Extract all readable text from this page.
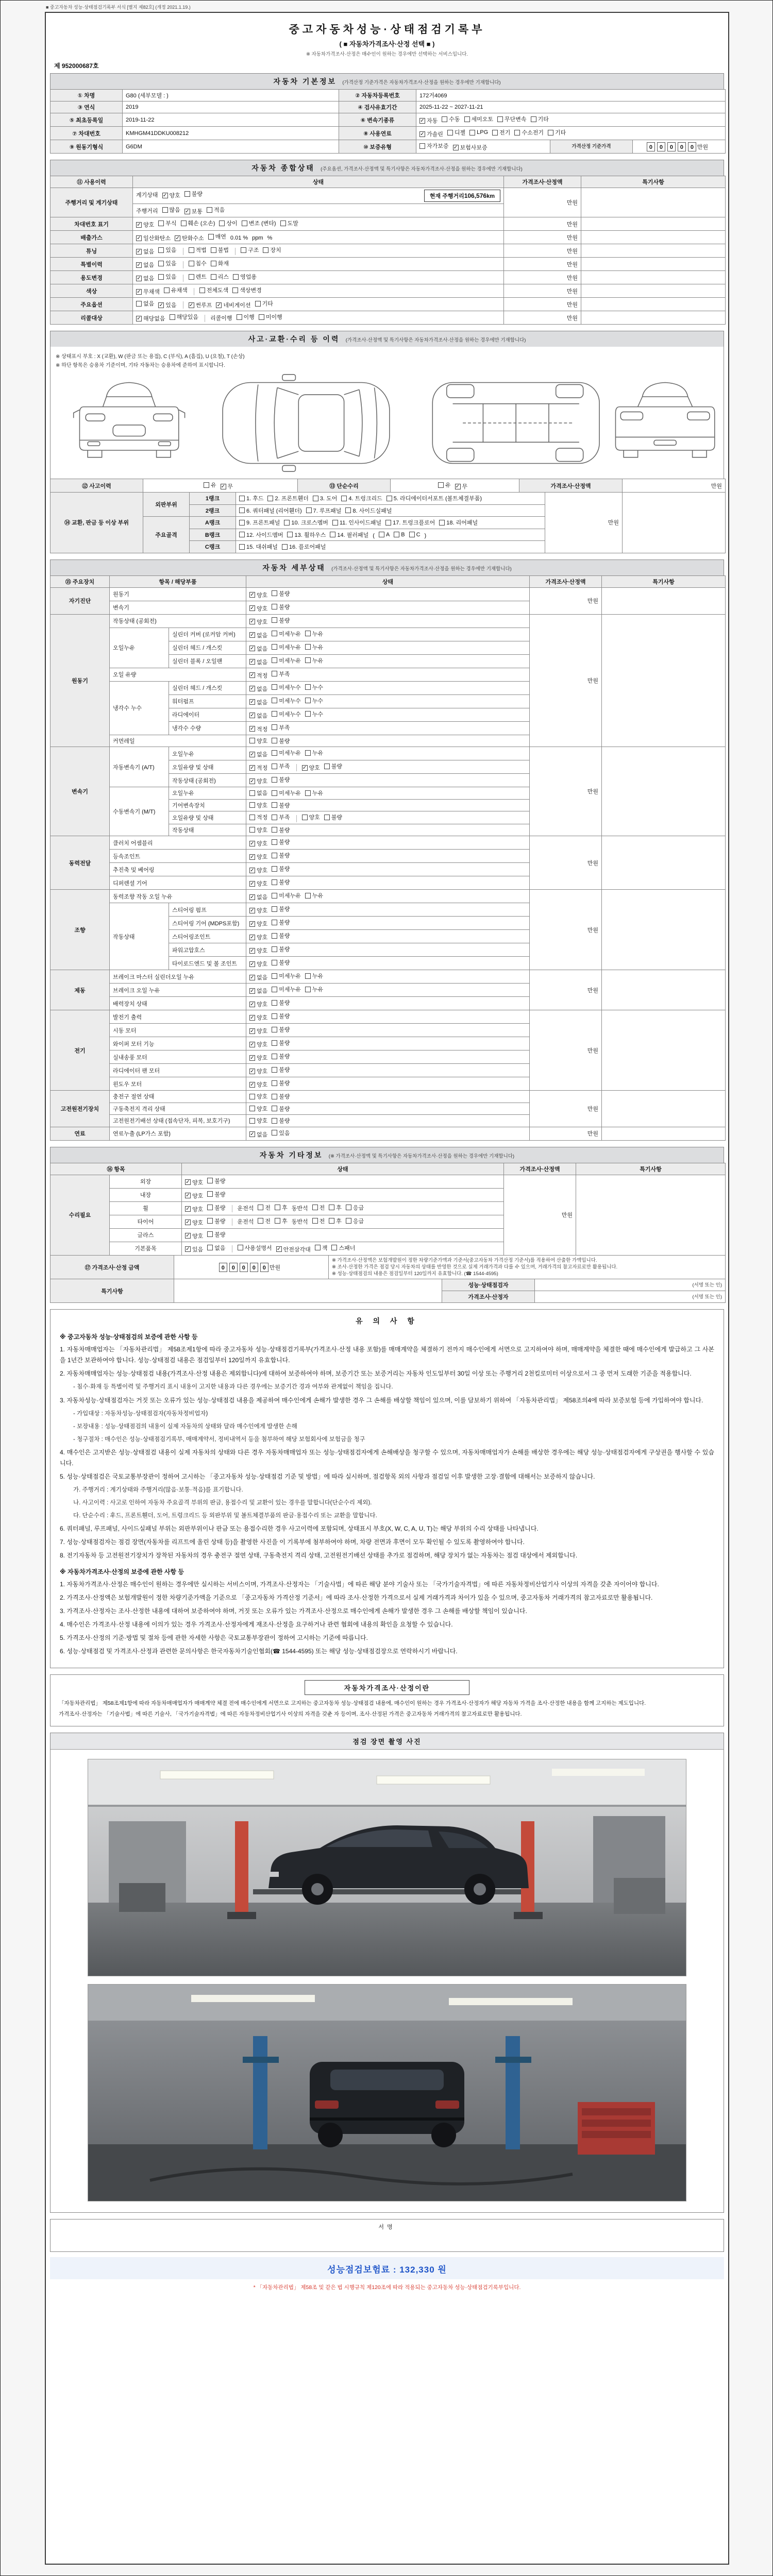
■ 중고자동차 성능·상태점검기록부 서식 [별지 제82호] (개정 2021.1.19.)
중고자동차성능·상태점검기록부
( ■ 자동차가격조사·산정 선택 ■ )
※ 자동차가격조사·산정은 매수인이 원하는 경우에만 선택하는 서비스입니다.
제 952000687호
자동차 기본정보 (가격산정 기준가격은 자동차가격조사·산정을 원하는 경우에만 기재합니다)
① 차명	G80 (세부모델 : )	② 자동차등록번호	172거4069		
③ 연식	2019	④ 검사유효기간	2025-11-22 ~ 2027-11-21		
⑤ 최초등록일	2019-11-22	⑥ 변속기종류	✓ 자동 수동 세미오토 무단변속 기타

⑦ 차대번호	KMHGM41DDKU008212	⑧ 사용연료	✓ 가솔린 디젤 LPG 전기 수소전기 기타

⑨ 원동기형식	G6DM	⑩ 보증유형	자가보증 ✓ 보험사보증	가격산정 기준가격	0 0 0 0 0 만원
자동차 종합상태 (주요옵션, 가격조사·산정액 및 특기사항은 자동차가격조사·산정을 원하는 경우에만 기재합니다)
⑪ 사용이력	상태	가격조사·산정액	특기사항
주행거리 및 계기상태	계기상태 ✓ 양호 불량 현재 주행거리106,576km	만원	
	주행거리 많음 ✓ 보통 적음		

차대번호 표기	✓ 양호 부식 훼손 (오손) 상이 변조 (변타) 도말	만원	
배출가스	✓ 일산화탄소 ✓ 탄화수소 매연 0.01 % ppm %	만원	
튜닝	✓ 없음 있음	적법 불법	구조 장치	만원	
특별이력	✓ 없음 있음 침수 화재	만원	
용도변경	✓ 없음 있음	렌트 리스 영업용	만원	
색상	✓ 무채색 유채색 전체도색 색상변경	만원	
주요옵션	없음 ✓ 있음 ✓ 썬루프 ✓ 네비게이션 기타	만원	
리콜대상	✓ 해당없음 해당있음 리콜이행 이행 미이행	만원	
사고·교환·수리 등 이력 (가격조사·산정액 및 특기사항은 자동차가격조사·산정을 원하는 경우에만 기재합니다)
※ 상태표시 부호 : X (교환), W (판금 또는 용접), C (부식), A (흠집), U (요철), T (손상)
※ 하단 항목은 승용차 기준이며, 기타 자동차는 승용차에 준하여 표시합니다.
⑫ 사고이력	유 ✓ 무	⑬ 단순수리	유 ✓ 무	가격조사·산정액	만원
⑭ 교환, 판금 등 이상 부위	외판부위	1랭크	1. 후드 2. 프론트휀더 3. 도어 4. 트렁크리드 5. 라디에이터서포트 (볼트체결부품)	만원	
		2랭크	6. 쿼터패널 (리어휀더) 7. 루프패널 8. 사이드실패널		

	주요골격	A랭크	9. 프론트패널 10. 크로스멤버 11. 인사이드패널 17. 트렁크플로어 18. 리어패널		

B랭크	12. 사이드멤버 13. 휠하우스 14. 필러패널 ( A B C )
		C랭크	15. 대쉬패널 16. 플로어패널		
자동차 세부상태 (가격조사·산정액 및 특기사항은 자동차가격조사·산정을 원하는 경우에만 기재합니다)
⑮ 주요장치	항목 / 해당부품		상태	가격조사·산정액	특기사항
자기진단	원동기		✓ 양호 불량	만원	
	변속기		✓ 양호 불량		

원동기	작동상태 (공회전)		✓ 양호 불량	만원	
	오일누유	실린더 커버 (로커암 커버)	✓ 없음 미세누유 누유		

		실린더 헤드 / 개스킷	✓ 없음 미세누유 누유		

		실린더 블록 / 오일팬	✓ 없음 미세누유 누유		

	오일 유량		✓ 적정 부족		

	냉각수 누수	실린더 헤드 / 개스킷	✓ 없음 미세누수 누수		

		워터펌프	✓ 없음 미세누수 누수		

		라디에이터	✓ 없음 미세누수 누수		

		냉각수 수량	✓ 적정 부족		

	커먼레일		양호 불량		

변속기	자동변속기 (A/T)	오일누유	✓ 없음 미세누유 누유	만원	
오일유량 및 상태	✓ 적정 부족 ✓ 양호 불량

		작동상태 (공회전)	✓ 양호 불량		

	수동변속기 (M/T)	오일누유	없음 미세누유 누유		

		기어변속장치	양호 불량		

		오일유량 및 상태	적정 부족 양호 불량		

		작동상태	양호 불량		

동력전달	클러치 어셈블리		✓ 양호 불량	만원	
	등속조인트		✓ 양호 불량		

	추진축 및 베어링		✓ 양호 불량		

	디퍼렌셜 기어		✓ 양호 불량		

조향	동력조향 작동 오일 누유		✓ 없음 미세누유 누유	만원	
	작동상태	스티어링 펌프	✓ 양호 불량		

		스티어링 기어 (MDPS포함)	✓ 양호 불량		

		스티어링조인트	✓ 양호 불량		

		파워고압호스	✓ 양호 불량		

		타이로드엔드 및 볼 조인트	✓ 양호 불량		

제동	브레이크 마스터 실린더오일 누유		✓ 없음 미세누유 누유	만원	
	브레이크 오일 누유		✓ 없음 미세누유 누유		

	배력장치 상태		✓ 양호 불량		

전기	발전기 출력		✓ 양호 불량	만원	
	시동 모터		✓ 양호 불량		

	와이퍼 모터 기능		✓ 양호 불량		

	실내송풍 모터		✓ 양호 불량		

	라디에이터 팬 모터		✓ 양호 불량		

	윈도우 모터		✓ 양호 불량		

고전원전기장치	충전구 절연 상태		양호 불량	만원	
	구동축전지 격리 상태		양호 불량		

	고전원전기배선 상태 (접속단자, 피복, 보호기구)		양호 불량		

연료	연료누출 (LP가스 포함)		✓ 없음 있음	만원	
자동차 기타정보 (※ 가격조사·산정액 및 특기사항은 자동차가격조사·산정을 원하는 경우에만 기재합니다)
⑯ 항목		상태	가격조사·산정액	특기사항
수리필요	외장	✓ 양호 불량	만원	
	내장	✓ 양호 불량		

휠	✓ 양호 불량 운전석 전 후 동반석 전 후 응급

타이어	✓ 양호 불량 운전석 전 후 동반석 전 후 응급

	글라스	✓ 양호 불량		

기본품목	✓ 있음 없음	사용설명서 ✓ 안전삼각대 잭 스패너
⑰ 가격조사·산정 금액	0 0 0 0 0 만원	
※ 가격조사·산정액은 보험개발원이 정한 차량기준가액과 기준서(중고자동차 가격산정 기준서)를 적용하여 산출한 가액입니다.
※ 조사·산정한 가격은 점검 당시 자동차의 상태를 반영한 것으로 실제 거래가격과 다를 수 있으며, 거래가격의 참고자료로만 활용됩니다.
※ 성능·상태점검의 내용은 점검일부터 120일까지 유효합니다. (☎ 1544-4595)
특기사항		성능·상태점검자	(서명 또는 인)
		가격조사·산정자	(서명 또는 인)
유 의 사 항
※ 중고자동차 성능·상태점검의 보증에 관한 사항 등
1. 자동차매매업자는 「자동차관리법」 제58조제1항에 따라 중고자동차 성능·상태점검기록부(가격조사·산정 내용 포함)를 매매계약을 체결하기 전까지 매수인에게 서면으로 고지하여야 하며, 매매계약을 체결한 때에 매수인에게 발급하고 그 사본을 1년간 보관하여야 합니다. 성능·상태점검 내용은 점검일부터 120일까지 유효합니다.
2. 자동차매매업자는 성능·상태점검 내용(가격조사·산정 내용은 제외합니다)에 대하여 보증하여야 하며, 보증기간 또는 보증거리는 자동차 인도일부터 30일 이상 또는 주행거리 2천킬로미터 이상으로서 그 중 먼저 도래한 기준을 적용합니다.
- 침수·화재 등 특별이력 및 주행거리 표시 내용이 고지한 내용과 다른 경우에는 보증기간 경과 여부와 관계없이 책임을 집니다.
3. 자동차성능·상태점검자는 거짓 또는 오류가 있는 성능·상태점검 내용을 제공하여 매수인에게 손해가 발생한 경우 그 손해를 배상할 책임이 있으며, 이를 담보하기 위하여 「자동차관리법」 제58조의4에 따라 보증보험 등에 가입하여야 합니다.
- 가입대상 : 자동차성능·상태점검자(자동차정비업자)
- 보장내용 : 성능·상태점검의 내용이 실제 자동차의 상태와 달라 매수인에게 발생한 손해
- 청구절차 : 매수인은 성능·상태점검기록부, 매매계약서, 정비내역서 등을 첨부하여 해당 보험회사에 보험금을 청구
4. 매수인은 고지받은 성능·상태점검 내용이 실제 자동차의 상태와 다른 경우 자동차매매업자 또는 성능·상태점검자에게 손해배상을 청구할 수 있으며, 자동차매매업자가 손해를 배상한 경우에는 해당 성능·상태점검자에게 구상권을 행사할 수 있습니다.
5. 성능·상태점검은 국토교통부장관이 정하여 고시하는 「중고자동차 성능·상태점검 기준 및 방법」에 따라 실시하며, 점검항목 외의 사항과 점검일 이후 발생한 고장·결함에 대해서는 보증하지 않습니다.
가. 주행거리 : 계기상태와 주행거리(많음·보통·적음)를 표기합니다.
나. 사고이력 : 사고로 인하여 자동차 주요골격 부위의 판금, 용접수리 및 교환이 있는 경우를 말합니다(단순수리 제외).
다. 단순수리 : 후드, 프론트휀더, 도어, 트렁크리드 등 외판부위 및 볼트체결부품의 판금·용접수리 또는 교환을 말합니다.
6. 쿼터패널, 루프패널, 사이드실패널 부위는 외판부위이나 판금 또는 용접수리한 경우 사고이력에 포함되며, 상태표시 부호(X, W, C, A, U, T)는 해당 부위의 수리 상태를 나타냅니다.
7. 성능·상태점검자는 점검 장면(자동차를 리프트에 올린 상태 등)을 촬영한 사진을 이 기록부에 첨부하여야 하며, 차량 전면과 후면이 모두 확인될 수 있도록 촬영하여야 합니다.
8. 전기자동차 등 고전원전기장치가 장착된 자동차의 경우 충전구 절연 상태, 구동축전지 격리 상태, 고전원전기배선 상태를 추가로 점검하며, 해당 장치가 없는 자동차는 점검 대상에서 제외합니다.
※ 자동차가격조사·산정의 보증에 관한 사항 등
1. 자동차가격조사·산정은 매수인이 원하는 경우에만 실시하는 서비스이며, 가격조사·산정자는 「기술사법」에 따른 해당 분야 기술사 또는 「국가기술자격법」에 따른 자동차정비산업기사 이상의 자격을 갖춘 자이어야 합니다.
2. 가격조사·산정액은 보험개발원이 정한 차량기준가액을 기준으로 「중고자동차 가격산정 기준서」에 따라 조사·산정한 가격으로서 실제 거래가격과 차이가 있을 수 있으며, 중고자동차 거래가격의 참고자료로만 활용됩니다.
3. 가격조사·산정자는 조사·산정한 내용에 대하여 보증하여야 하며, 거짓 또는 오류가 있는 가격조사·산정으로 매수인에게 손해가 발생한 경우 그 손해를 배상할 책임이 있습니다.
4. 매수인은 가격조사·산정 내용에 이의가 있는 경우 가격조사·산정자에게 재조사·산정을 요구하거나 관련 협회에 내용의 확인을 요청할 수 있습니다.
5. 가격조사·산정의 기준·방법 및 절차 등에 관한 자세한 사항은 국토교통부장관이 정하여 고시하는 기준에 따릅니다.
6. 성능·상태점검 및 가격조사·산정과 관련한 문의사항은 한국자동차기술인협회(☎ 1544-4595) 또는 해당 성능·상태점검장으로 연락하시기 바랍니다.
자동차가격조사·산정이란

「자동차관리법」 제58조제1항에 따라 자동차매매업자가 매매계약 체결 전에 매수인에게 서면으로 고지하는 중고자동차 성능·상태점검 내용에, 매수인이 원하는 경우 가격조사·산정자가 해당 자동차 가격을 조사·산정한 내용을 함께 고지하는 제도입니다.

가격조사·산정자는 「기술사법」에 따른 기술사, 「국가기술자격법」에 따른 자동차정비산업기사 이상의 자격을 갖춘 자 등이며, 조사·산정된 가격은 중고자동차 거래가격의 참고자료로만 활용됩니다.

점검 장면 촬영 사진

서명
성능점검보험료 : 132,330 원
* 「자동차관리법」 제58조 및 같은 법 시행규칙 제120조에 따라 적용되는 중고자동차 성능·상태점검기록부입니다.
